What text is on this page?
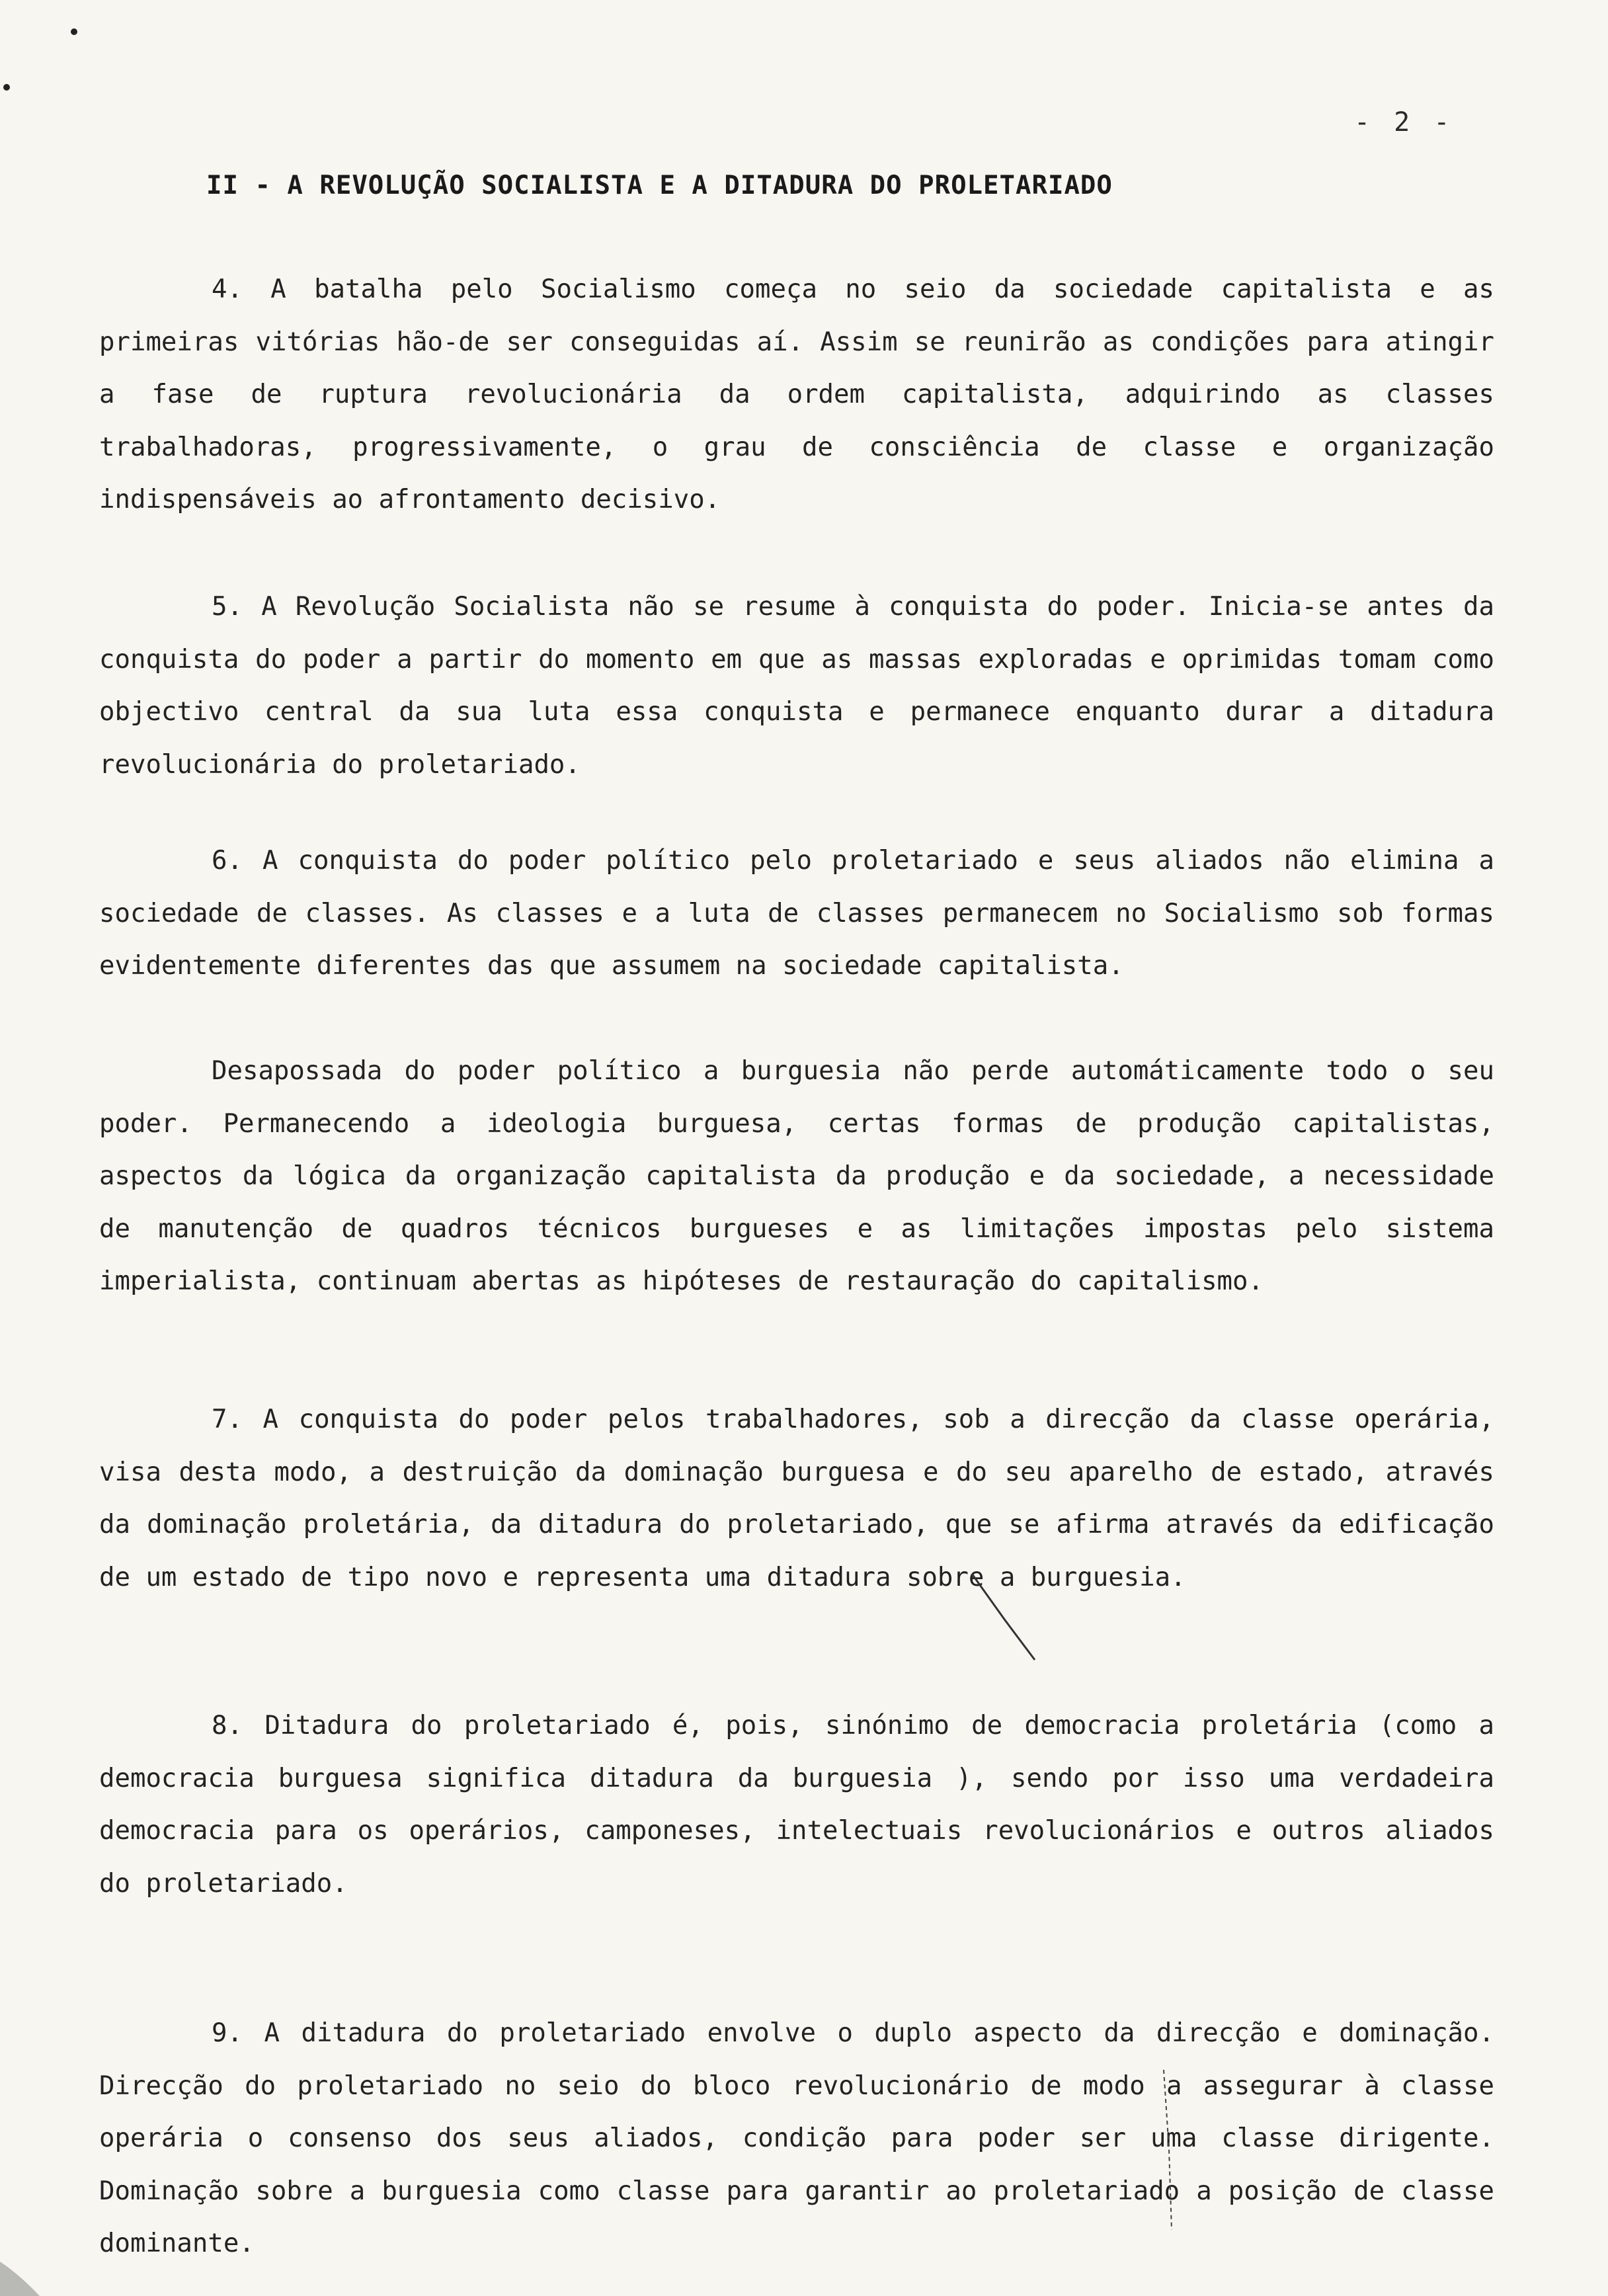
- 2 -
II - A REVOLUÇÃO SOCIALISTA E A DITADURA DO PROLETARIADO

4. A batalha pelo Socialismo começa no seio da sociedade capitalista e as primeiras vitórias hão-de ser conseguidas aí. Assim se reunirão as condições para atingir a fase de ruptura revolucionária da ordem capitalista, adquirindo as classes trabalhadoras, progressivamente, o grau de consciência de classe e organização indispensáveis ao afrontamento decisivo.

5. A Revolução Socialista não se resume à conquista do poder. Inicia-se antes da conquista do poder a partir do momento em que as massas exploradas e oprimidas tomam como objectivo central da sua luta essa conquista e permanece enquanto durar a ditadura revolucionária do proletariado.

6. A conquista do poder político pelo proletariado e seus aliados não elimina a sociedade de classes. As classes e a luta de classes permanecem no Socialismo sob formas evidentemente diferentes das que assumem na sociedade capitalista.

Desapossada do poder político a burguesia não perde automáticamente todo o seu poder. Permanecendo a ideologia burguesa, certas formas de produção capitalistas, aspectos da lógica da organização capitalista da produção e da sociedade, a necessidade de manutenção de quadros técnicos burgueses e as limitações impostas pelo sistema imperialista, continuam abertas as hipóteses de restauração do capitalismo.

7. A conquista do poder pelos trabalhadores, sob a direcção da classe operária, visa desta modo, a destruição da dominação burguesa e do seu aparelho de estado, através da dominação proletária, da ditadura do proletariado, que se afirma através da edificação de um estado de tipo novo e representa uma ditadura sobre a burguesia.

8. Ditadura do proletariado é, pois, sinónimo de democracia proletária (como a democracia burguesa significa ditadura da burguesia ), sendo por isso uma verdadeira democracia para os operários, camponeses, intelectuais revolucionários e outros aliados do proletariado.

9. A ditadura do proletariado envolve o duplo aspecto da direcção e dominação. Direcção do proletariado no seio do bloco revolucionário de modo a assegurar à classe operária o consenso dos seus aliados, condição para poder ser uma classe dirigente. Dominação sobre a burguesia como classe para garantir ao proletariado a posição de classe dominante.
